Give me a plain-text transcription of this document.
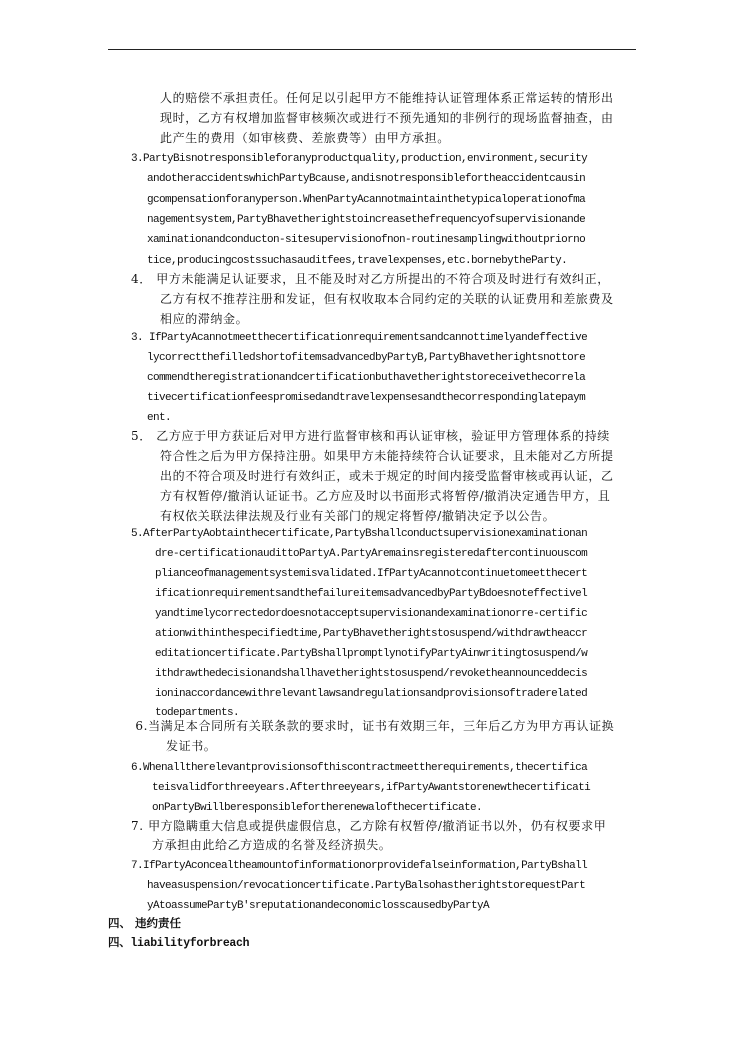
人的赔偿不承担责任。任何足以引起甲方不能维持认证管理体系正常运转的情形出
现时，乙方有权增加监督审核频次或进行不预先通知的非例行的现场监督抽查，由
此产生的费用（如审核费、差旅费等）由甲方承担。
3.PartyBisnotresponsibleforanyproductquality,production,environment,security
andotheraccidentswhichPartyBcause,andisnotresponsiblefortheaccidentcausin
gcompensationforanyperson.WhenPartyAcannotmaintainthetypicaloperationofma
nagementsystem,PartyBhavetherightstoincreasethefrequencyofsupervisionande
xaminationandconducton-sitesupervisionofnon-routinesamplingwithoutpriorno
tice,producingcostssuchasauditfees,travelexpenses,etc.bornebytheParty.
4． 甲方未能满足认证要求，且不能及时对乙方所提出的不符合项及时进行有效纠正，
乙方有权不推荐注册和发证，但有权收取本合同约定的关联的认证费用和差旅费及
相应的滞纳金。
3. IfPartyAcannotmeetthecertificationrequirementsandcannottimelyandeffective
lycorrectthefilledshortofitemsadvancedbyPartyB,PartyBhavetherightsnottore
commendtheregistrationandcertificationbuthavetherightstoreceivethecorrela
tivecertificationfeespromisedandtravelexpensesandthecorrespondinglatepaym
ent.
5． 乙方应于甲方获证后对甲方进行监督审核和再认证审核，验证甲方管理体系的持续
符合性之后为甲方保持注册。如果甲方未能持续符合认证要求，且未能对乙方所提
出的不符合项及时进行有效纠正，或未于规定的时间内接受监督审核或再认证，乙
方有权暂停/撤消认证证书。乙方应及时以书面形式将暂停/撤消决定通告甲方，且
有权依关联法律法规及行业有关部门的规定将暂停/撤销决定予以公告。
5.AfterPartyAobtainthecertificate,PartyBshallconductsupervisionexaminationan
dre-certificationaudittoPartyA.PartyAremainsregisteredaftercontinuouscom
plianceofmanagementsystemisvalidated.IfPartyAcannotcontinuetomeetthecert
ificationrequirementsandthefailureitemsadvancedbyPartyBdoesnoteffectivel
yandtimelycorrectedordoesnotacceptsupervisionandexaminationorre-certific
ationwithinthespecifiedtime,PartyBhavetherightstosuspend/withdrawtheaccr
editationcertificate.PartyBshallpromptlynotifyPartyAinwritingtosuspend/w
ithdrawthedecisionandshallhavetherightstosuspend/revoketheannounceddecis
ioninaccordancewithrelevantlawsandregulationsandprovisionsoftraderelated
todepartments.
6.当满足本合同所有关联条款的要求时，证书有效期三年，三年后乙方为甲方再认证换
发证书。
6.Whenalltherelevantprovisionsofthiscontractmeettherequirements,thecertifica
teisvalidforthreeyears.Afterthreeyears,ifPartyAwantstorenewthecertificati
onPartyBwillberesponsiblefortherenewalofthecertificate.
7. 甲方隐瞒重大信息或提供虚假信息，乙方除有权暂停/撤消证书以外，仍有权要求甲
方承担由此给乙方造成的名誉及经济损失。
7.IfPartyAconcealtheamountofinformationorprovidefalseinformation,PartyBshall
haveasuspension/revocationcertificate.PartyBalsohastherightstorequestPart
yAtoassumePartyB'sreputationandeconomiclosscausedbyPartyA
四、 违约责任
四、liabilityforbreach
